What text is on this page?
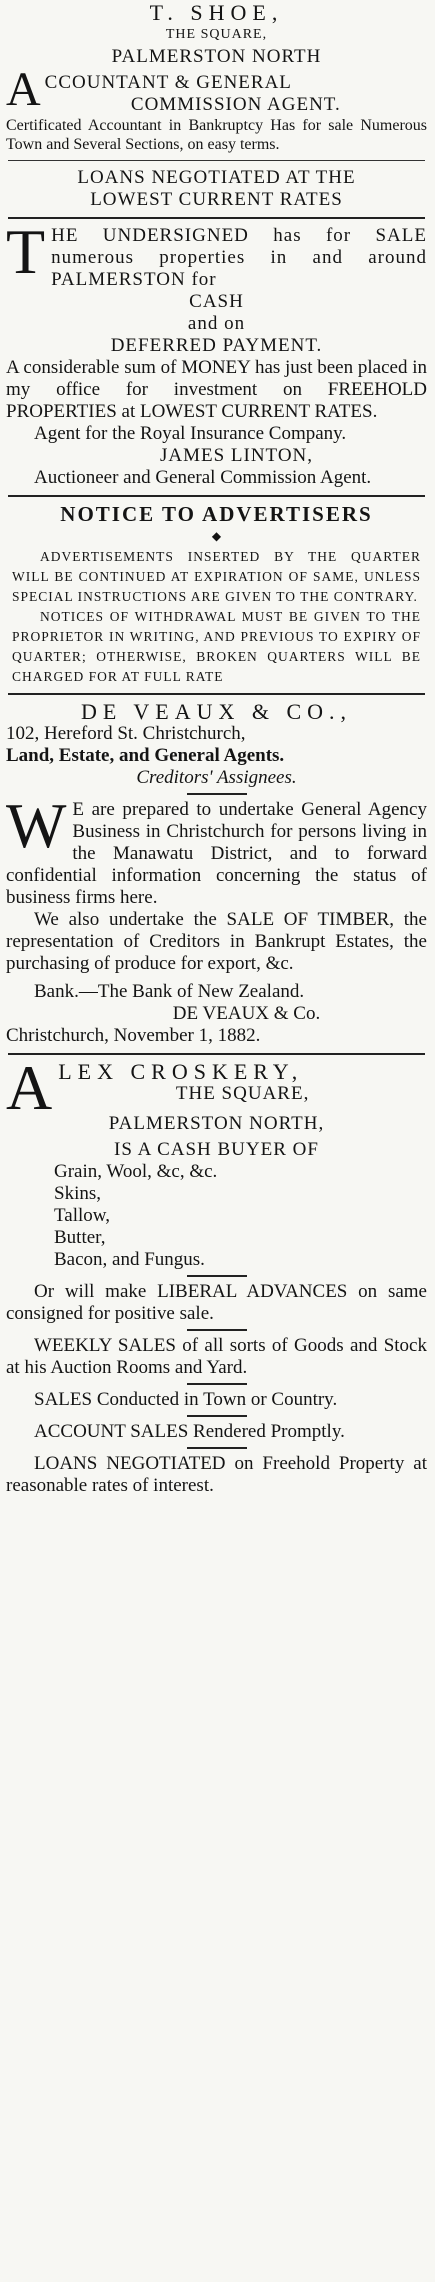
T. SHOE,

THE SQUARE,

PALMERSTON NORTH

A CCOUNTANT & GENERAL

COMMISSION AGENT.

Certificated Accountant in Bankruptcy Has for sale Numerous Town and Several Sections, on easy terms.

LOANS NEGOTIATED AT THE

LOWEST CURRENT RATES

T HE UNDERSIGNED has for SALE numerous properties in and around PALMERSTON for

CASH

and on

DEFERRED PAYMENT.

A considerable sum of MONEY has just been placed in my office for investment on FREEHOLD PROPERTIES at LOWEST CURRENT RATES.

Agent for the Royal Insurance Company.

JAMES LINTON,

Auctioneer and General Commission Agent.

NOTICE TO ADVERTISERS

◆

ADVERTISEMENTS INSERTED BY THE QUARTER WILL BE CONTINUED AT EXPIRATION OF SAME, UNLESS SPECIAL INSTRUCTIONS ARE GIVEN TO THE CONTRARY.

NOTICES OF WITHDRAWAL MUST BE GIVEN TO THE PROPRIETOR IN WRITING, AND PREVIOUS TO EXPIRY OF QUARTER; OTHERWISE, BROKEN QUARTERS WILL BE CHARGED FOR AT FULL RATE

DE VEAUX & CO.,

102, Hereford St. Christchurch,

Land, Estate, and General Agents.

Creditors' Assignees.

W E are prepared to undertake General Agency Business in Christchurch for persons living in the Manawatu District, and to forward confidential information concerning the status of business firms here.

We also undertake the SALE OF TIMBER, the representation of Creditors in Bankrupt Estates, the purchasing of produce for export, &c.

Bank.—The Bank of New Zealand.

DE VEAUX & Co.

Christchurch, November 1, 1882.

A LEX CROSKERY,

THE SQUARE,

PALMERSTON NORTH,

IS A CASH BUYER OF

Grain, Wool, &c, &c.

Skins,

Tallow,

Butter,

Bacon, and Fungus.

Or will make LIBERAL ADVANCES on same consigned for positive sale.

WEEKLY SALES of all sorts of Goods and Stock at his Auction Rooms and Yard.

SALES Conducted in Town or Country.

ACCOUNT SALES Rendered Promptly.

LOANS NEGOTIATED on Freehold Property at reasonable rates of interest.
